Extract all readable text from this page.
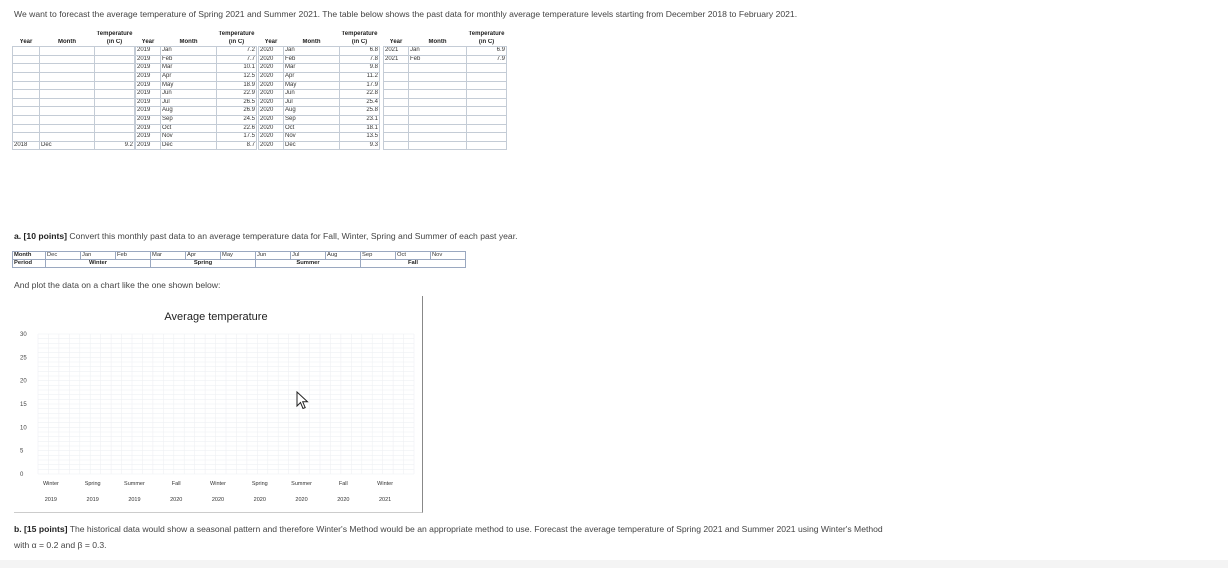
We want to forecast the average temperature of Spring 2021 and Summer 2021. The table below shows the past data for monthly average temperature levels starting from December 2018 to February 2021.
		Temperature
Year	Month	(in C)

2018	Dec	9.2
		Temperature
Year	Month	(in C)
2019	Jan	7.2
2019	Feb	7.7
2019	Mar	10.1
2019	Apr	12.5
2019	May	18.9
2019	Jun	22.9
2019	Jul	26.5
2019	Aug	26.9
2019	Sep	24.5
2019	Oct	22.6
2019	Nov	17.5
2019	Dec	8.7
		Temperature
Year	Month	(in C)
2020	Jan	6.8
2020	Feb	7.8
2020	Mar	9.8
2020	Apr	11.2
2020	May	17.9
2020	Jun	22.8
2020	Jul	25.4
2020	Aug	25.8
2020	Sep	23.1
2020	Oct	18.1
2020	Nov	13.5
2020	Dec	9.3
		Temperature
Year	Month	(in C)
2021	Jan	6.9
2021	Feb	7.9

a. [10 points] Convert this monthly past data to an average temperature data for Fall, Winter, Spring and Summer of each past year.
Month	Dec	Jan	Feb	Mar	Apr	May	Jun	Jul	Aug	Sep	Oct	Nov
Period	Winter			Spring			Summer			Fall		
And plot the data on a chart like the one shown below:
Average temperature
0
5
10
15
20
25
30
Winter
2019
Spring
2019
Summer
2019
Fall
2020
Winter
2020
Spring
2020
Summer
2020
Fall
2020
Winter
2021
b. [15 points] The historical data would show a seasonal pattern and therefore Winter's Method would be an appropriate method to use. Forecast the average temperature of Spring 2021 and Summer 2021 using Winter's Method
with α = 0.2 and β = 0.3.
